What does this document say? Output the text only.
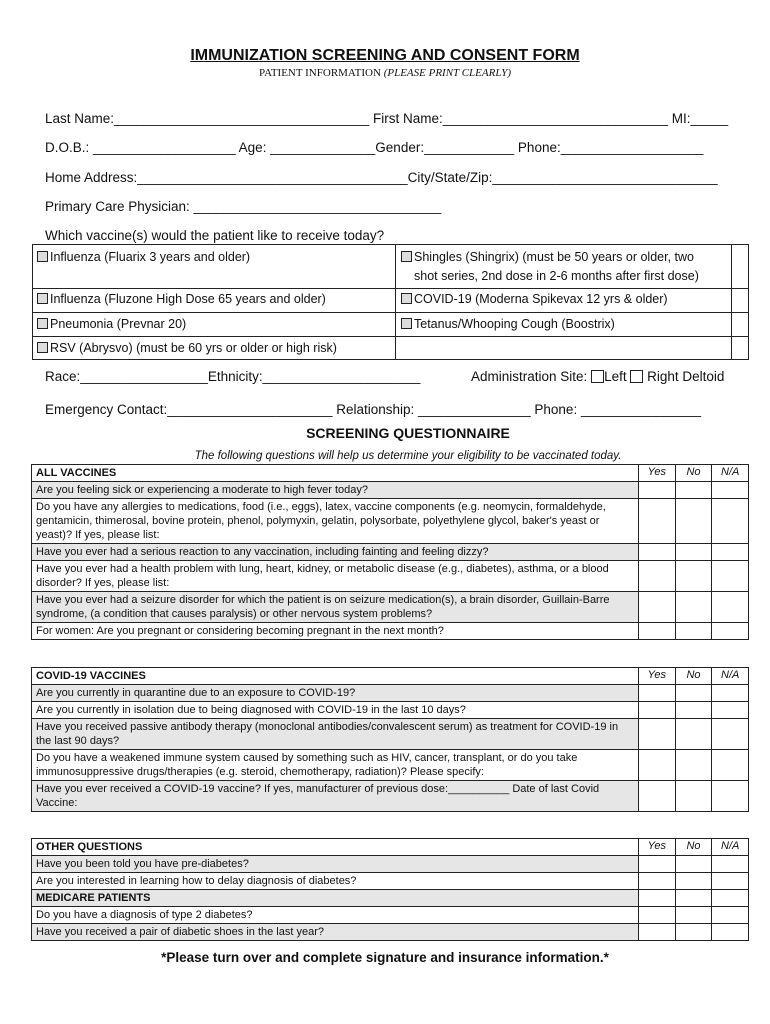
IMMUNIZATION SCREENING AND CONSENT FORM
PATIENT INFORMATION (PLEASE PRINT CLEARLY)
Last Name:__________________________________ First Name:______________________________ MI:_____
D.O.B.: ___________________ Age: ______________Gender:____________ Phone:___________________
Home Address:____________________________________City/State/Zip:______________________________
Primary Care Physician: _________________________________
Which vaccine(s) would the patient like to receive today?
Influenza (Fluarix 3 years and older)	Shingles (Shingrix) (must be 50 years or older, two
shot series, 2nd dose in 2-6 months after first dose)
Influenza (Fluzone High Dose 65 years and older)	COVID-19 (Moderna Spikevax 12 yrs & older)
Pneumonia (Prevnar 20)	Tetanus/Whooping Cough (Boostrix)
RSV (Abrysvo) (must be 60 yrs or older or high risk)
Race:_________________Ethnicity:_____________________	Administration Site: Left Right Deltoid
Emergency Contact:______________________ Relationship: _______________ Phone: ________________
SCREENING QUESTIONNAIRE
The following questions will help us determine your eligibility to be vaccinated today.
ALL VACCINES	Yes	No	N/A
Are you feeling sick or experiencing a moderate to high fever today?
Do you have any allergies to medications, food (i.e., eggs), latex, vaccine components (e.g. neomycin, formaldehyde, gentamicin, thimerosal, bovine protein, phenol, polymyxin, gelatin, polysorbate, polyethylene glycol, baker's yeast or yeast)? If yes, please list:
Have you ever had a serious reaction to any vaccination, including fainting and feeling dizzy?
Have you ever had a health problem with lung, heart, kidney, or metabolic disease (e.g., diabetes), asthma, or a blood disorder? If yes, please list:
Have you ever had a seizure disorder for which the patient is on seizure medication(s), a brain disorder, Guillain-Barre syndrome, (a condition that causes paralysis) or other nervous system problems?
For women: Are you pregnant or considering becoming pregnant in the next month?
COVID-19 VACCINES	Yes	No	N/A
Are you currently in quarantine due to an exposure to COVID-19?
Are you currently in isolation due to being diagnosed with COVID-19 in the last 10 days?
Have you received passive antibody therapy (monoclonal antibodies/convalescent serum) as treatment for COVID-19 in the last 90 days?
Do you have a weakened immune system caused by something such as HIV, cancer, transplant, or do you take immunosuppressive drugs/therapies (e.g. steroid, chemotherapy, radiation)? Please specify:
Have you ever received a COVID-19 vaccine? If yes, manufacturer of previous dose:__________ Date of last Covid Vaccine:
OTHER QUESTIONS	Yes	No	N/A
Have you been told you have pre-diabetes?
Are you interested in learning how to delay diagnosis of diabetes?
MEDICARE PATIENTS
Do you have a diagnosis of type 2 diabetes?
Have you received a pair of diabetic shoes in the last year?
*Please turn over and complete signature and insurance information.*
